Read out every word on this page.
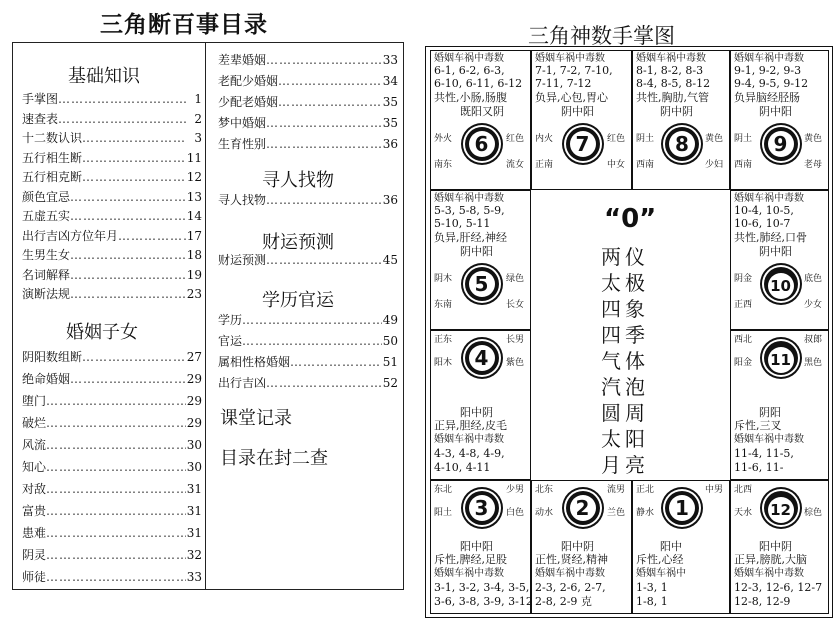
三角断百事目录
基础知识
手掌图 …………………………………………………………………………………………	1
速查表 …………………………………………………………………………………………	2
十二数认识 …………………………………………………………………………………………	3
五行相生断 …………………………………………………………………………………………	11
五行相克断 …………………………………………………………………………………………	12
颜色宜忌 …………………………………………………………………………………………	13
五虚五实 …………………………………………………………………………………………	14
出行吉凶方位年月 …………………………………………………………………………………………	17
生男生女 …………………………………………………………………………………………	18
名词解释 …………………………………………………………………………………………	19
演断法规 …………………………………………………………………………………………	23
婚姻子女
阴阳数组断 …………………………………………………………………………………………	27
绝命婚姻 …………………………………………………………………………………………	29
堕门 …………………………………………………………………………………………	29
破烂 …………………………………………………………………………………………	29
风流 …………………………………………………………………………………………	30
知心 …………………………………………………………………………………………	30
对敌 …………………………………………………………………………………………	31
富贵 …………………………………………………………………………………………	31
患难 …………………………………………………………………………………………	31
阴灵 …………………………………………………………………………………………	32
师徒 …………………………………………………………………………………………	33
差辈婚姻 …………………………………………………………………………………………	33
老配少婚姻 …………………………………………………………………………………………	34
少配老婚姻 …………………………………………………………………………………………	35
梦中婚姻 …………………………………………………………………………………………	35
生育性别 …………………………………………………………………………………………	36
寻人找物
寻人找物 …………………………………………………………………………………………	36
财运预测
财运预测 …………………………………………………………………………………………	45
学历官运
学历 …………………………………………………………………………………………	49
官运 …………………………………………………………………………………………	50
属相性格婚姻 …………………………………………………………………………………………	51
出行吉凶 …………………………………………………………………………………………	52
课堂记录
目录在封二查
三角神数手掌图
婚姻车祸中毒数
6-1, 6-2, 6-3,
6-10, 6-11, 6-12
共性,小肠,肠腹
既阳又阴
外火	红色
南东	流女
6
婚姻车祸中毒数
7-1, 7-2, 7-10,
7-11, 7-12
负异,心包,胃心
阴中阳
内火	红色
正南	中女
7
婚姻车祸中毒数
8-1, 8-2, 8-3
8-4, 8-5, 8-12
共性,胸肋,气管
阴中阴
阴土	黄色
西南	少妇
8
婚姻车祸中毒数
9-1, 9-2, 9-3
9-4, 9-5, 9-12
负异脑经胫肠
阴中阳
阴土	黄色
西南	老母
9
婚姻车祸中毒数
5-3, 5-8, 5-9,
5-10, 5-11
负异,肝经,神经
阴中阳
阴木	绿色
东南	长女
5
婚姻车祸中毒数
10-4, 10-5,
10-6, 10-7
共性,肺经,口骨
阴中阳
阴金	底色
正西	少女
10
正东	长男
阳木	紫色
阳中阴
正异,胆经,皮毛
婚姻车祸中毒数
4-3, 4-8, 4-9,
4-10, 4-11
4
西北	叔郎
阳金	黑色
阴阳
斥性,三叉
婚姻车祸中毒数
11-4, 11-5,
11-6, 11-
11
东北	少男
阳土	白色
阳中阳
斥性,脾经,足股
婚姻车祸中毒数
3-1, 3-2, 3-4, 3-5,
3-6, 3-8, 3-9, 3-12
3
北东	流男
动水	兰色
阳中阴
正性,贤经,精神
婚姻车祸中毒数
2-3, 2-6, 2-7,
2-8, 2-9 克
2
正北	中男
静水
阳中
斥性,心经
婚姻车祸中
1-3, 1
1-8, 1
1
北西
天水	棕色
阳中阴
正异,膀胱,大脑
婚姻车祸中毒数
12-3, 12-6, 12-7
12-8, 12-9
12
“0”
两仪
太极
四象
四季
气体
汽泡
圆周
太阳
月亮
